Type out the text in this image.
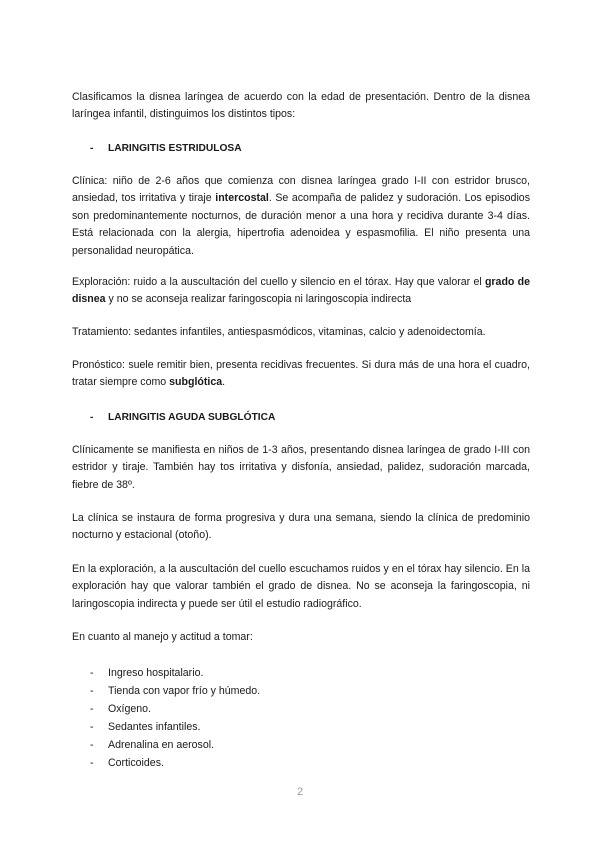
Clasificamos la disnea laríngea de acuerdo con la edad de presentación. Dentro de la disnea laríngea infantil, distinguimos los distintos tipos:

- LARINGITIS ESTRIDULOSA

Clínica: niño de 2-6 años que comienza con disnea laríngea grado I-II con estridor brusco, ansiedad, tos irritativa y tiraje intercostal. Se acompaña de palidez y sudoración. Los episodios son predominantemente nocturnos, de duración menor a una hora y recidiva durante 3-4 días. Está relacionada con la alergia, hipertrofia adenoidea y espasmofilia. El niño presenta una personalidad neuropática.

Exploración: ruido a la auscultación del cuello y silencio en el tórax. Hay que valorar el grado de disnea y no se aconseja realizar faringoscopia ni laringoscopia indirecta

Tratamiento: sedantes infantiles, antiespasmódicos, vitaminas, calcio y adenoidectomía.

Pronóstico: suele remitir bien, presenta recidivas frecuentes. Si dura más de una hora el cuadro, tratar siempre como subglótica.

- LARINGITIS AGUDA SUBGLÓTICA

Clínicamente se manifiesta en niños de 1-3 años, presentando disnea laríngea de grado I-III con estridor y tiraje. También hay tos irritativa y disfonía, ansiedad, palidez, sudoración marcada, fiebre de 38º.

La clínica se instaura de forma progresiva y dura una semana, siendo la clínica de predominio nocturno y estacional (otoño).

En la exploración, a la auscultación del cuello escuchamos ruidos y en el tórax hay silencio. En la exploración hay que valorar también el grado de disnea. No se aconseja la faringoscopia, ni laringoscopia indirecta y puede ser útil el estudio radiográfico.

En cuanto al manejo y actitud a tomar:

- Ingreso hospitalario.
- Tienda con vapor frío y húmedo.
- Oxígeno.
- Sedantes infantiles.
- Adrenalina en aerosol.
- Corticoides.
2
